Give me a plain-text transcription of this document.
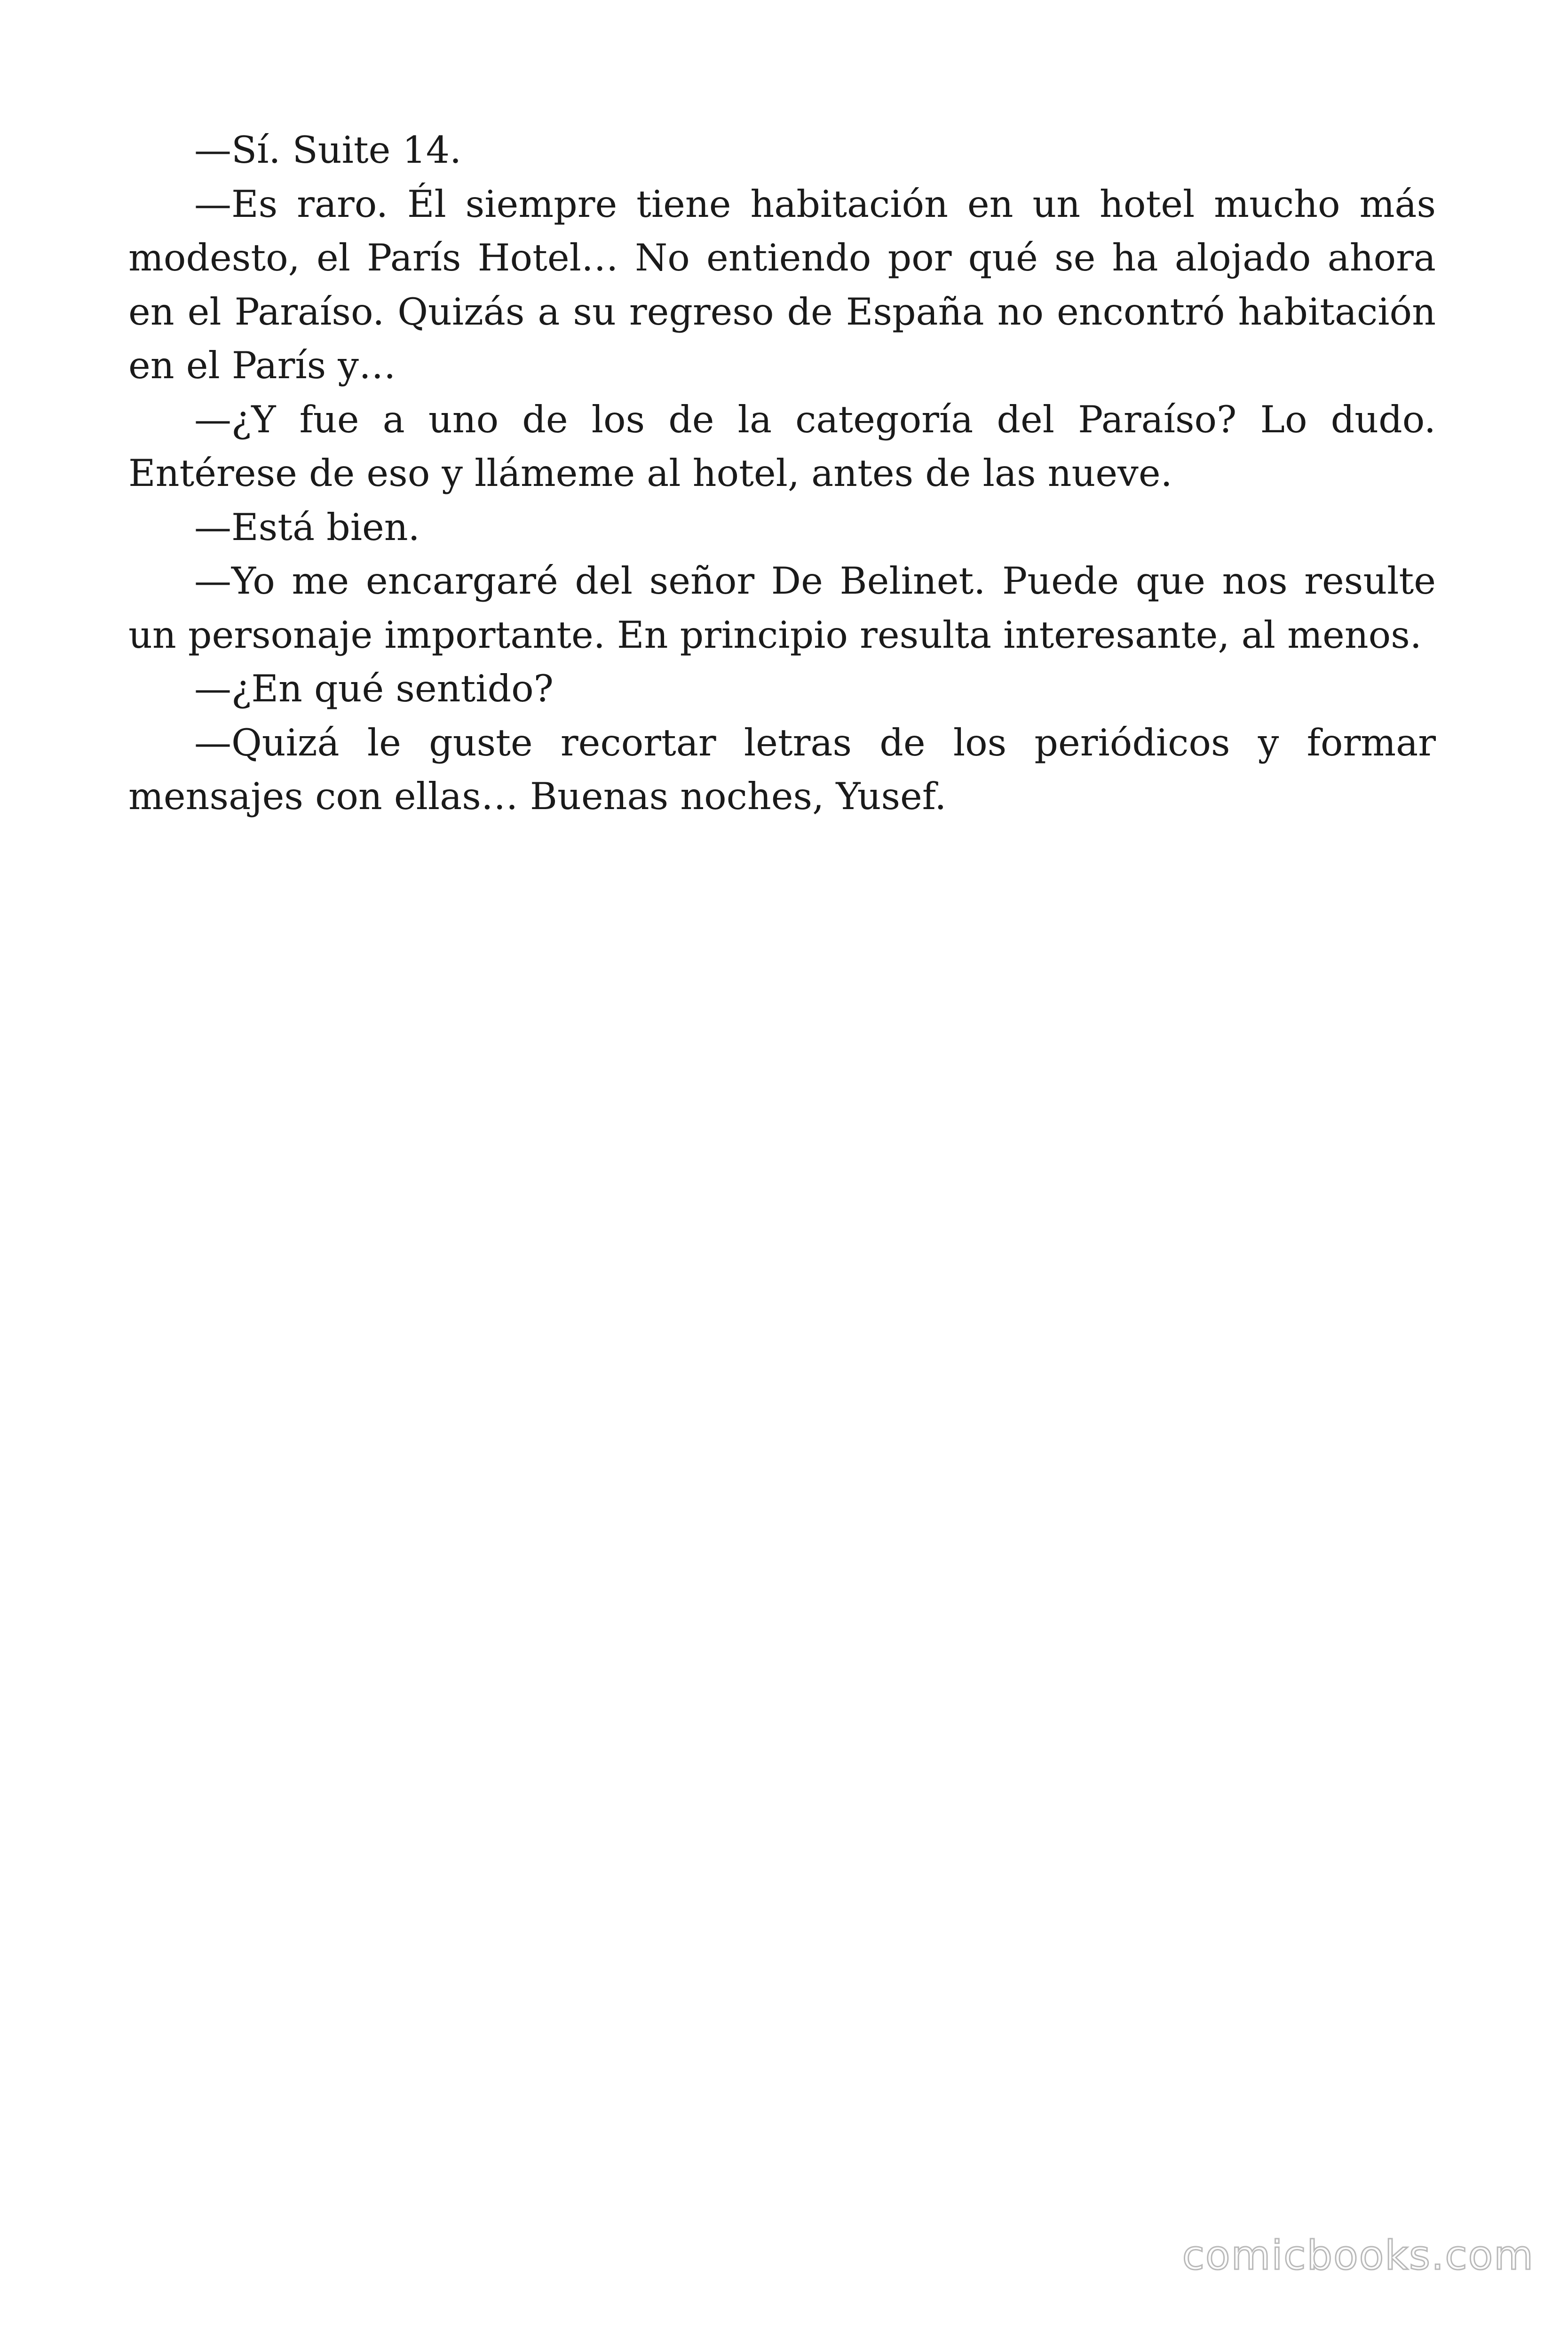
—Sí. Suite 14.

—Es raro. Él siempre tiene habitación en un hotel mucho más modesto, el París Hotel… No entiendo por qué se ha alojado ahora en el Paraíso. Quizás a su regreso de España no encontró habitación en el París y…

—¿Y fue a uno de los de la categoría del Paraíso? Lo dudo. Entérese de eso y llámeme al hotel, antes de las nueve.

—Está bien.

—Yo me encargaré del señor De Belinet. Puede que nos resulte un personaje importante. En principio resulta interesante, al menos.

—¿En qué sentido?

—Quizá le guste recortar letras de los periódicos y formar mensajes con ellas… Buenas noches, Yusef.

comicbooks.com
